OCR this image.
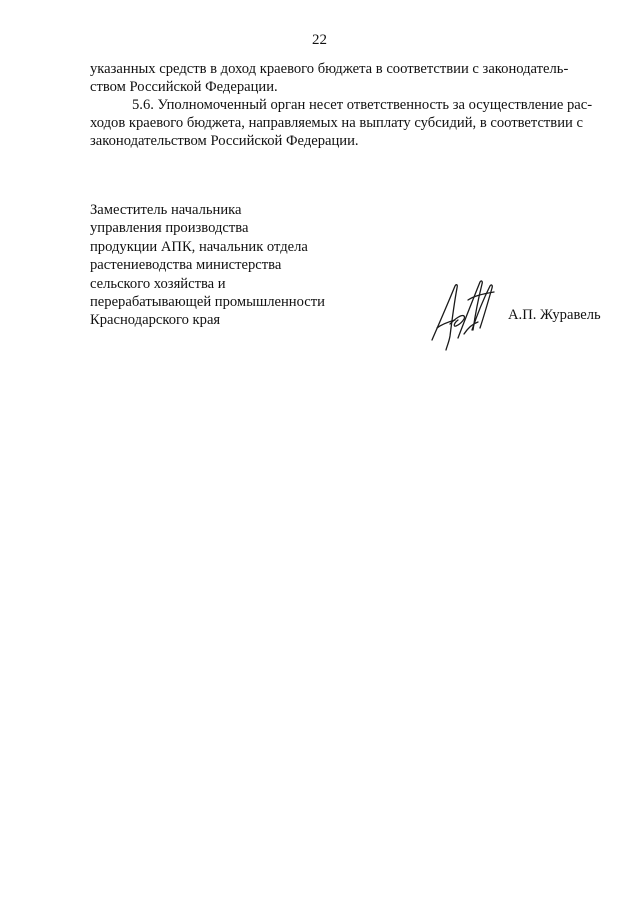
22

указанных средств в доход краевого бюджета в соответствии с законодатель-
ством Российской Федерации.

5.6. Уполномоченный орган несет ответственность за осуществление рас-
ходов краевого бюджета, направляемых на выплату субсидий, в соответствии с
законодательством Российской Федерации.

Заместитель начальника
управления производства
продукции АПК, начальник отдела
растениеводства министерства
сельского хозяйства и
перерабатывающей промышленности
Краснодарского края	А.П. Журавель
